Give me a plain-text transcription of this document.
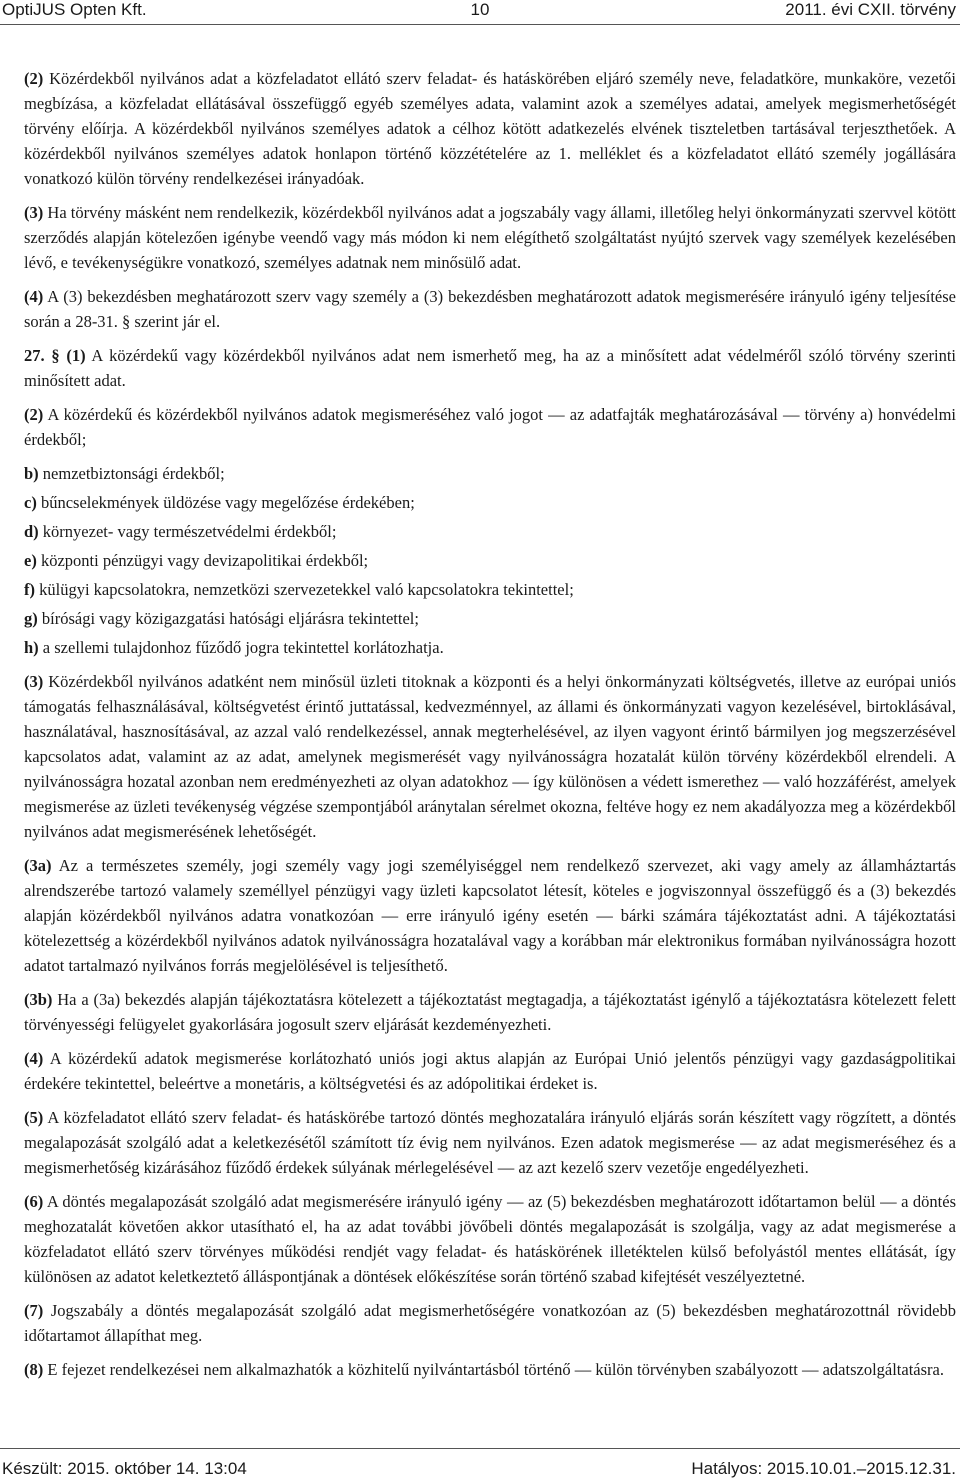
OptiJUS Opten Kft.	10	2011. évi CXII. törvény

(2) Közérdekből nyilvános adat a közfeladatot ellátó szerv feladat- és hatáskörében eljáró személy neve, feladatköre, munkaköre, vezetői megbízása, a közfeladat ellátásával összefüggő egyéb személyes adata, valamint azok a személyes adatai, amelyek megismerhetőségét törvény előírja. A közérdekből nyilvános személyes adatok a célhoz kötött adatkezelés elvének tiszteletben tartásával terjeszthetőek. A közérdekből nyilvános személyes adatok honlapon történő közzétételére az 1. melléklet és a közfeladatot ellátó személy jogállására vonatkozó külön törvény rendelkezései irányadóak.

(3) Ha törvény másként nem rendelkezik, közérdekből nyilvános adat a jogszabály vagy állami, illetőleg helyi önkormányzati szervvel kötött szerződés alapján kötelezően igénybe veendő vagy más módon ki nem elégíthető szolgáltatást nyújtó szervek vagy személyek kezelésében lévő, e tevékenységükre vonatkozó, személyes adatnak nem minősülő adat.

(4) A (3) bekezdésben meghatározott szerv vagy személy a (3) bekezdésben meghatározott adatok megismerésére irányuló igény teljesítése során a 28-31. § szerint jár el.

27. § (1) A közérdekű vagy közérdekből nyilvános adat nem ismerhető meg, ha az a minősített adat védelméről szóló törvény szerinti minősített adat.

(2) A közérdekű és közérdekből nyilvános adatok megismeréséhez való jogot — az adatfajták meghatározásával — törvény a) honvédelmi érdekből;

b) nemzetbiztonsági érdekből;

c) bűncselekmények üldözése vagy megelőzése érdekében;

d) környezet- vagy természetvédelmi érdekből;

e) központi pénzügyi vagy devizapolitikai érdekből;

f) külügyi kapcsolatokra, nemzetközi szervezetekkel való kapcsolatokra tekintettel;

g) bírósági vagy közigazgatási hatósági eljárásra tekintettel;

h) a szellemi tulajdonhoz fűződő jogra tekintettel korlátozhatja.

(3) Közérdekből nyilvános adatként nem minősül üzleti titoknak a központi és a helyi önkormányzati költségvetés, illetve az európai uniós támogatás felhasználásával, költségvetést érintő juttatással, kedvezménnyel, az állami és önkormányzati vagyon kezelésével, birtoklásával, használatával, hasznosításával, az azzal való rendelkezéssel, annak megterhelésével, az ilyen vagyont érintő bármilyen jog megszerzésével kapcsolatos adat, valamint az az adat, amelynek megismerését vagy nyilvánosságra hozatalát külön törvény közérdekből elrendeli. A nyilvánosságra hozatal azonban nem eredményezheti az olyan adatokhoz — így különösen a védett ismerethez — való hozzáférést, amelyek megismerése az üzleti tevékenység végzése szempontjából aránytalan sérelmet okozna, feltéve hogy ez nem akadályozza meg a közérdekből nyilvános adat megismerésének lehetőségét.

(3a) Az a természetes személy, jogi személy vagy jogi személyiséggel nem rendelkező szervezet, aki vagy amely az államháztartás alrendszerébe tartozó valamely személlyel pénzügyi vagy üzleti kapcsolatot létesít, köteles e jogviszonnyal összefüggő és a (3) bekezdés alapján közérdekből nyilvános adatra vonatkozóan — erre irányuló igény esetén — bárki számára tájékoztatást adni. A tájékoztatási kötelezettség a közérdekből nyilvános adatok nyilvánosságra hozatalával vagy a korábban már elektronikus formában nyilvánosságra hozott adatot tartalmazó nyilvános forrás megjelölésével is teljesíthető.

(3b) Ha a (3a) bekezdés alapján tájékoztatásra kötelezett a tájékoztatást megtagadja, a tájékoztatást igénylő a tájékoztatásra kötelezett felett törvényességi felügyelet gyakorlására jogosult szerv eljárását kezdeményezheti.

(4) A közérdekű adatok megismerése korlátozható uniós jogi aktus alapján az Európai Unió jelentős pénzügyi vagy gazdaságpolitikai érdekére tekintettel, beleértve a monetáris, a költségvetési és az adópolitikai érdeket is.

(5) A közfeladatot ellátó szerv feladat- és hatáskörébe tartozó döntés meghozatalára irányuló eljárás során készített vagy rögzített, a döntés megalapozását szolgáló adat a keletkezésétől számított tíz évig nem nyilvános. Ezen adatok megismerése — az adat megismeréséhez és a megismerhetőség kizárásához fűződő érdekek súlyának mérlegelésével — az azt kezelő szerv vezetője engedélyezheti.

(6) A döntés megalapozását szolgáló adat megismerésére irányuló igény — az (5) bekezdésben meghatározott időtartamon belül — a döntés meghozatalát követően akkor utasítható el, ha az adat további jövőbeli döntés megalapozását is szolgálja, vagy az adat megismerése a közfeladatot ellátó szerv törvényes működési rendjét vagy feladat- és hatáskörének illetéktelen külső befolyástól mentes ellátását, így különösen az adatot keletkeztető álláspontjának a döntések előkészítése során történő szabad kifejtését veszélyeztetné.

(7) Jogszabály a döntés megalapozását szolgáló adat megismerhetőségére vonatkozóan az (5) bekezdésben meghatározottnál rövidebb időtartamot állapíthat meg.

(8) E fejezet rendelkezései nem alkalmazhatók a közhitelű nyilvántartásból történő — külön törvényben szabályozott — adatszolgáltatásra.

Készült: 2015. október 14. 13:04	Hatályos: 2015.10.01.–2015.12.31.
